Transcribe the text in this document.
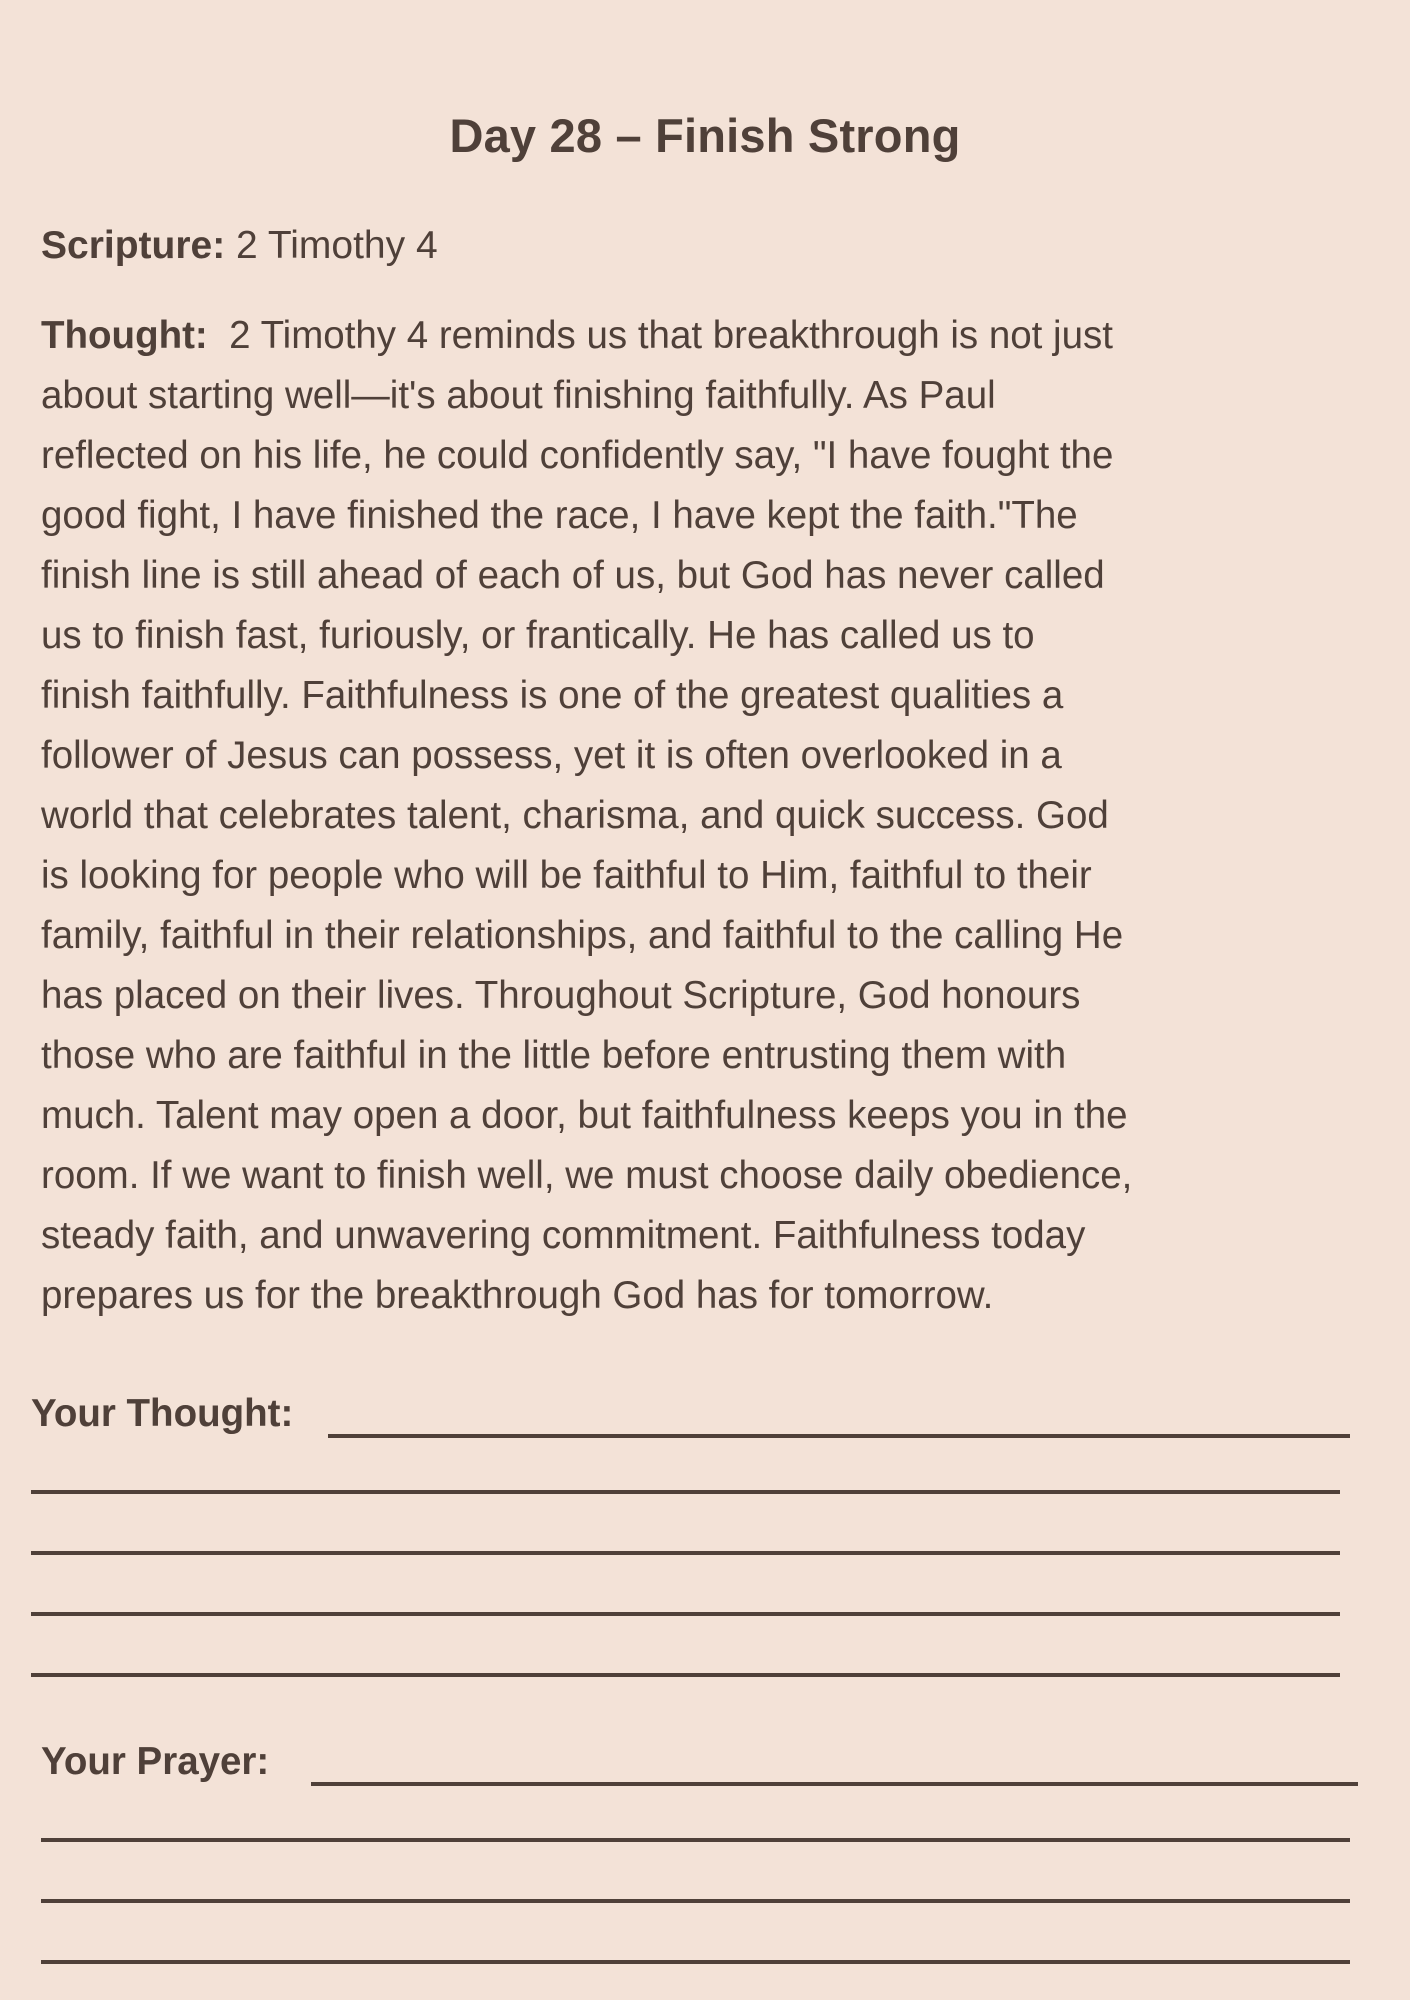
Day 28 – Finish Strong

Scripture: 2 Timothy 4

Thought: 2 Timothy 4 reminds us that breakthrough is not just
about starting well—it's about finishing faithfully. As Paul
reflected on his life, he could confidently say, "I have fought the
good fight, I have finished the race, I have kept the faith."The
finish line is still ahead of each of us, but God has never called
us to finish fast, furiously, or frantically. He has called us to
finish faithfully. Faithfulness is one of the greatest qualities a
follower of Jesus can possess, yet it is often overlooked in a
world that celebrates talent, charisma, and quick success. God
is looking for people who will be faithful to Him, faithful to their
family, faithful in their relationships, and faithful to the calling He
has placed on their lives. Throughout Scripture, God honours
those who are faithful in the little before entrusting them with
much. Talent may open a door, but faithfulness keeps you in the
room. If we want to finish well, we must choose daily obedience,
steady faith, and unwavering commitment. Faithfulness today
prepares us for the breakthrough God has for tomorrow.
Your Thought:
Your Prayer:
